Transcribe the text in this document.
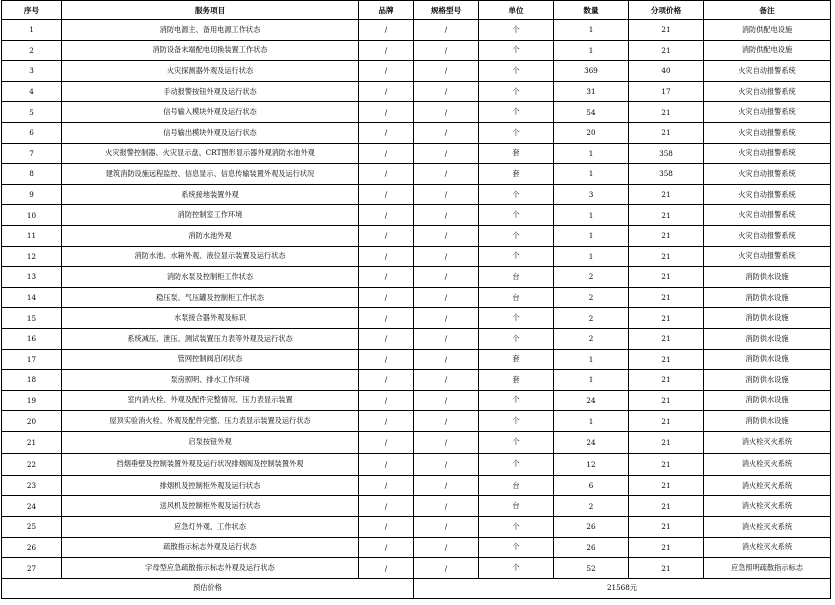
序号	服务项目	品牌	规格型号	单位	数量	分项价格	备注
1	消防电源主、备用电源工作状态	/	/	个	1	21	消防供配电设施
2	消防设备末端配电切换装置工作状态	/	/	个	1	21	消防供配电设施
3	火灾探测器外观及运行状态	/	/	个	369	40	火灾自动报警系统
4	手动报警按钮外观及运行状态	/	/	个	31	17	火灾自动报警系统
5	信号输入模块外观及运行状态	/	/	个	54	21	火灾自动报警系统
6	信号输出模块外观及运行状态	/	/	个	20	21	火灾自动报警系统
7	火灾报警控制器、火灾显示盘、CRT图形显示器外观消防水池外观	/	/	套	1	358	火灾自动报警系统
8	建筑消防设施远程监控、信息显示、信息传输装置外观及运行状况	/	/	套	1	358	火灾自动报警系统
9	系统接地装置外观	/	/	个	3	21	火灾自动报警系统
10	消防控制室工作环境	/	/	个	1	21	火灾自动报警系统
11	消防水池外观	/	/	个	1	21	火灾自动报警系统
12	消防水池、水箱外观、液位显示装置及运行状态	/	/	个	1	21	火灾自动报警系统
13	消防水泵及控制柜工作状态	/	/	台	2	21	消防供水设施
14	稳压泵、气压罐及控制柜工作状态	/	/	台	2	21	消防供水设施
15	水泵接合器外观及标识	/	/	个	2	21	消防供水设施
16	系统减压、泄压、测试装置压力表等外观及运行状态	/	/	个	2	21	消防供水设施
17	管网控制阀启闭状态	/	/	套	1	21	消防供水设施
18	泵房照明、排水工作环境	/	/	套	1	21	消防供水设施
19	室内消火栓、外观及配件完整情况、压力表显示装置	/	/	个	24	21	消防供水设施
20	屋顶实验消火栓、外观及配件完整、压力表显示装置及运行状态	/	/	个	1	21	消防供水设施
21	启泵按钮外观	/	/	个	24	21	消火栓灭火系统
22	挡烟垂壁及控制装置外观及运行状况排烟阀及控制装置外观	/	/	个	12	21	消火栓灭火系统
23	排烟机及控制柜外观及运行状态	/	/	台	6	21	消火栓灭火系统
24	送风机及控制柜外观及运行状态	/	/	台	2	21	消火栓灭火系统
25	应急灯外观、工作状态	/	/	个	26	21	消火栓灭火系统
26	疏散指示标志外观及运行状态	/	/	个	26	21	消火栓灭火系统
27	字母型应急疏散指示标志外观及运行状态	/	/	个	52	21	应急照明疏散指示标志
预估价格			21568元				
